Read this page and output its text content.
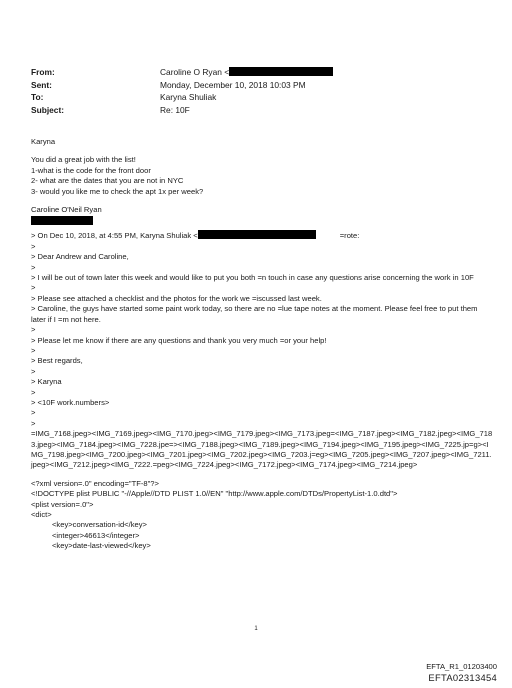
From:	Caroline O Ryan <
Sent:	Monday, December 10, 2018 10:03 PM
To:	Karyna Shuliak
Subject:	Re: 10F

Karyna

You did a great job with the list!

1-what is the code for the front door

2- what are the dates that you are not in NYC

3- would you like me to check the apt 1x per week?

Caroline O'Neil Ryan

> On Dec 10, 2018, at 4:55 PM, Karyna Shuliak <	=rote:

>

> Dear Andrew and Caroline,

>

> I will be out of town later this week and would like to put you both =n touch in case any questions arise concerning the work in 10F

>

> Please see attached a checklist and the photos for the work we =iscussed last week.

> Caroline, the guys have started some paint work today, so there are no =lue tape notes at the moment. Please feel free to put them later if I =m not here.

>

> Please let me know if there are any questions and thank you very much =or your help!

>

> Best regards,

>

> Karyna

>

> <10F work.numbers>

>

>

=IMG_7168.jpeg><IMG_7169.jpeg><IMG_7170.jpeg><IMG_7179.jpeg><IMG_7173.jpeg=<IMG_7187.jpeg><IMG_7182.jpeg><IMG_7183.jpeg><IMG_7184.jpeg><IMG_7228.jpe=><IMG_7188.jpeg><IMG_7189.jpeg><IMG_7194.jpeg><IMG_7195.jpeg><IMG_7225.jp=g><IMG_7198.jpeg><IMG_7200.jpeg><IMG_7201.jpeg><IMG_7202.jpeg><IMG_7203.j=eg><IMG_7205.jpeg><IMG_7207.jpeg><IMG_7211.jpeg><IMG_7212.jpeg><IMG_7222.=peg><IMG_7224.jpeg><IMG_7172.jpeg><IMG_7174.jpeg><IMG_7214.jpeg>

<?xml version=.0" encoding="TF-8"?>

<!DOCTYPE plist PUBLIC "-//Apple//DTD PLIST 1.0//EN" "http://www.apple.com/DTDs/PropertyList-1.0.dtd">

<plist version=.0">

<dict>

<key>conversation-id</key>

<integer>46613</integer>

<key>date-last-viewed</key>

1
EFTA_R1_01203400
EFTA02313454
